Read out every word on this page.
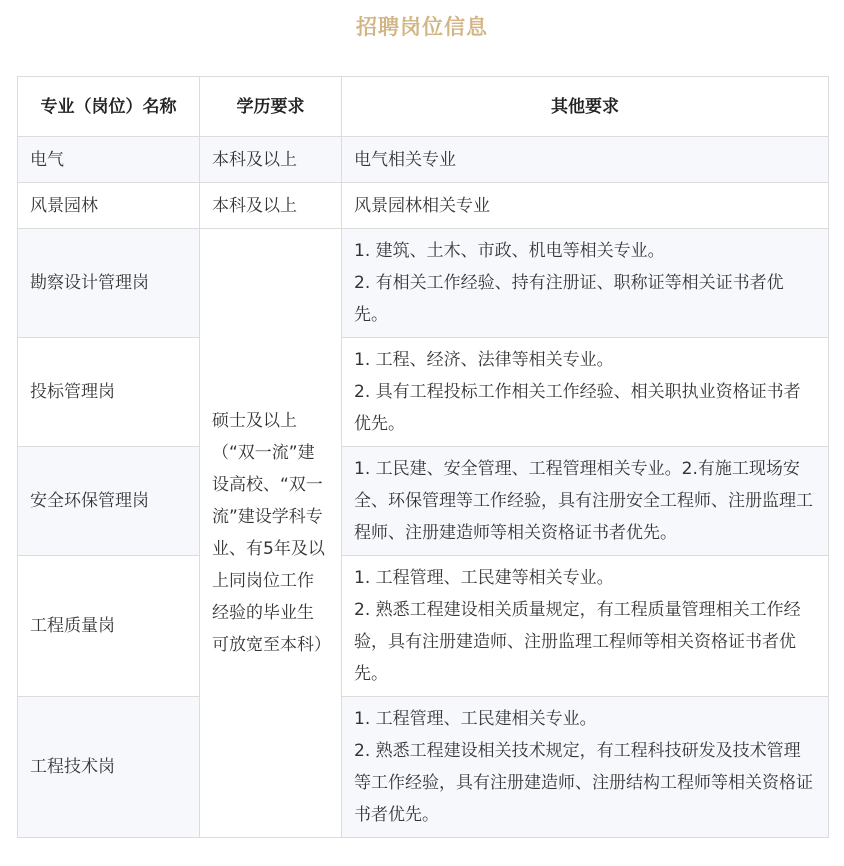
招聘岗位信息
专业（岗位）名称	学历要求	其他要求
电气	本科及以上	电气相关专业
风景园林	本科及以上	风景园林相关专业
勘察设计管理岗	硕士及以上（“双一流”建设高校、“双一流”建设学科专业、有5年及以上同岗位工作经验的毕业生可放宽至本科）	1. 建筑、土木、市政、机电等相关专业。
2. 有相关工作经验、持有注册证、职称证等相关证书者优先。
投标管理岗		1. 工程、经济、法律等相关专业。
2. 具有工程投标工作相关工作经验、相关职执业资格证书者优先。
安全环保管理岗		1. 工民建、安全管理、工程管理相关专业。2.有施工现场安全、环保管理等工作经验，具有注册安全工程师、注册监理工程师、注册建造师等相关资格证书者优先。
工程质量岗		1. 工程管理、工民建等相关专业。
2. 熟悉工程建设相关质量规定，有工程质量管理相关工作经验，具有注册建造师、注册监理工程师等相关资格证书者优先。
工程技术岗		1. 工程管理、工民建相关专业。
2. 熟悉工程建设相关技术规定，有工程科技研发及技术管理等工作经验，具有注册建造师、注册结构工程师等相关资格证书者优先。
